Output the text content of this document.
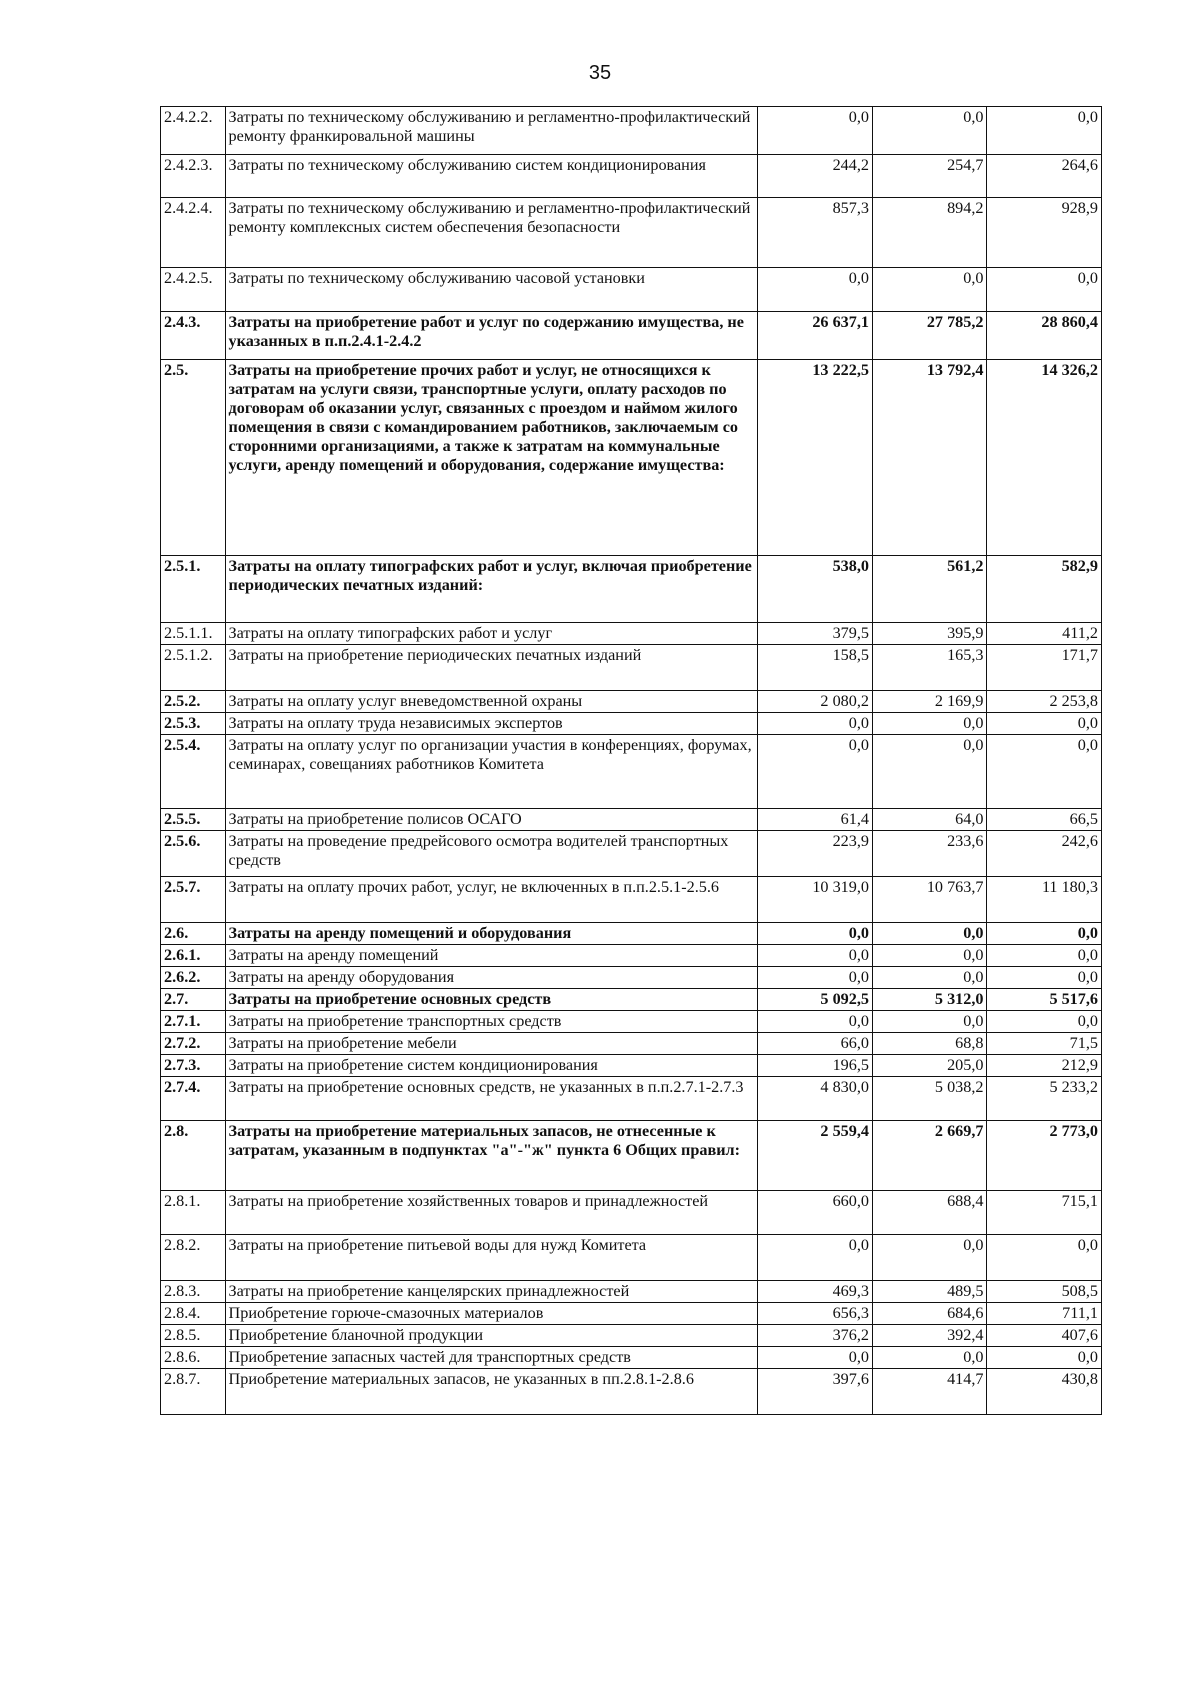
35
2.4.2.2.	Затраты по техническому обслуживанию и регламентно-профилактический ремонту франкировальной машины	0,0	0,0	0,0
2.4.2.3.	Затраты по техническому обслуживанию систем кондиционирования	244,2	254,7	264,6
2.4.2.4.	Затраты по техническому обслуживанию и регламентно-профилактический ремонту комплексных систем обеспечения безопасности	857,3	894,2	928,9
2.4.2.5.	Затраты по техническому обслуживанию часовой установки	0,0	0,0	0,0
2.4.3.	Затраты на приобретение работ и услуг по содержанию имущества, не указанных в п.п.2.4.1-2.4.2	26 637,1	27 785,2	28 860,4
2.5.	Затраты на приобретение прочих работ и услуг, не относящихся к затратам на услуги связи, транспортные услуги, оплату расходов по договорам об оказании услуг, связанных с проездом и наймом жилого помещения в связи с командированием работников, заключаемым со сторонними организациями, а также к затратам на коммунальные услуги, аренду помещений и оборудования, содержание имущества:	13 222,5	13 792,4	14 326,2
2.5.1.	Затраты на оплату типографских работ и услуг, включая приобретение периодических печатных изданий:	538,0	561,2	582,9
2.5.1.1.	Затраты на оплату типографских работ и услуг	379,5	395,9	411,2
2.5.1.2.	Затраты на приобретение периодических печатных изданий	158,5	165,3	171,7
2.5.2.	Затраты на оплату услуг вневедомственной охраны	2 080,2	2 169,9	2 253,8
2.5.3.	Затраты на оплату труда независимых экспертов	0,0	0,0	0,0
2.5.4.	Затраты на оплату услуг по организации участия в конференциях, форумах, семинарах, совещаниях работников Комитета	0,0	0,0	0,0
2.5.5.	Затраты на приобретение полисов ОСАГО	61,4	64,0	66,5
2.5.6.	Затраты на проведение предрейсового осмотра водителей транспортных средств	223,9	233,6	242,6
2.5.7.	Затраты на оплату прочих работ, услуг, не включенных в п.п.2.5.1-2.5.6	10 319,0	10 763,7	11 180,3
2.6.	Затраты на аренду помещений и оборудования	0,0	0,0	0,0
2.6.1.	Затраты на аренду помещений	0,0	0,0	0,0
2.6.2.	Затраты на аренду оборудования	0,0	0,0	0,0
2.7.	Затраты на приобретение основных средств	5 092,5	5 312,0	5 517,6
2.7.1.	Затраты на приобретение транспортных средств	0,0	0,0	0,0
2.7.2.	Затраты на приобретение мебели	66,0	68,8	71,5
2.7.3.	Затраты на приобретение систем кондиционирования	196,5	205,0	212,9
2.7.4.	Затраты на приобретение основных средств, не указанных в п.п.2.7.1-2.7.3	4 830,0	5 038,2	5 233,2
2.8.	Затраты на приобретение материальных запасов, не отнесенные к затратам, указанным в подпунктах "а"-"ж" пункта 6 Общих правил:	2 559,4	2 669,7	2 773,0
2.8.1.	Затраты на приобретение хозяйственных товаров и принадлежностей	660,0	688,4	715,1
2.8.2.	Затраты на приобретение питьевой воды для нужд Комитета	0,0	0,0	0,0
2.8.3.	Затраты на приобретение канцелярских принадлежностей	469,3	489,5	508,5
2.8.4.	Приобретение горюче-смазочных материалов	656,3	684,6	711,1
2.8.5.	Приобретение бланочной продукции	376,2	392,4	407,6
2.8.6.	Приобретение запасных частей для транспортных средств	0,0	0,0	0,0
2.8.7.	Приобретение материальных запасов, не указанных в пп.2.8.1-2.8.6	397,6	414,7	430,8
